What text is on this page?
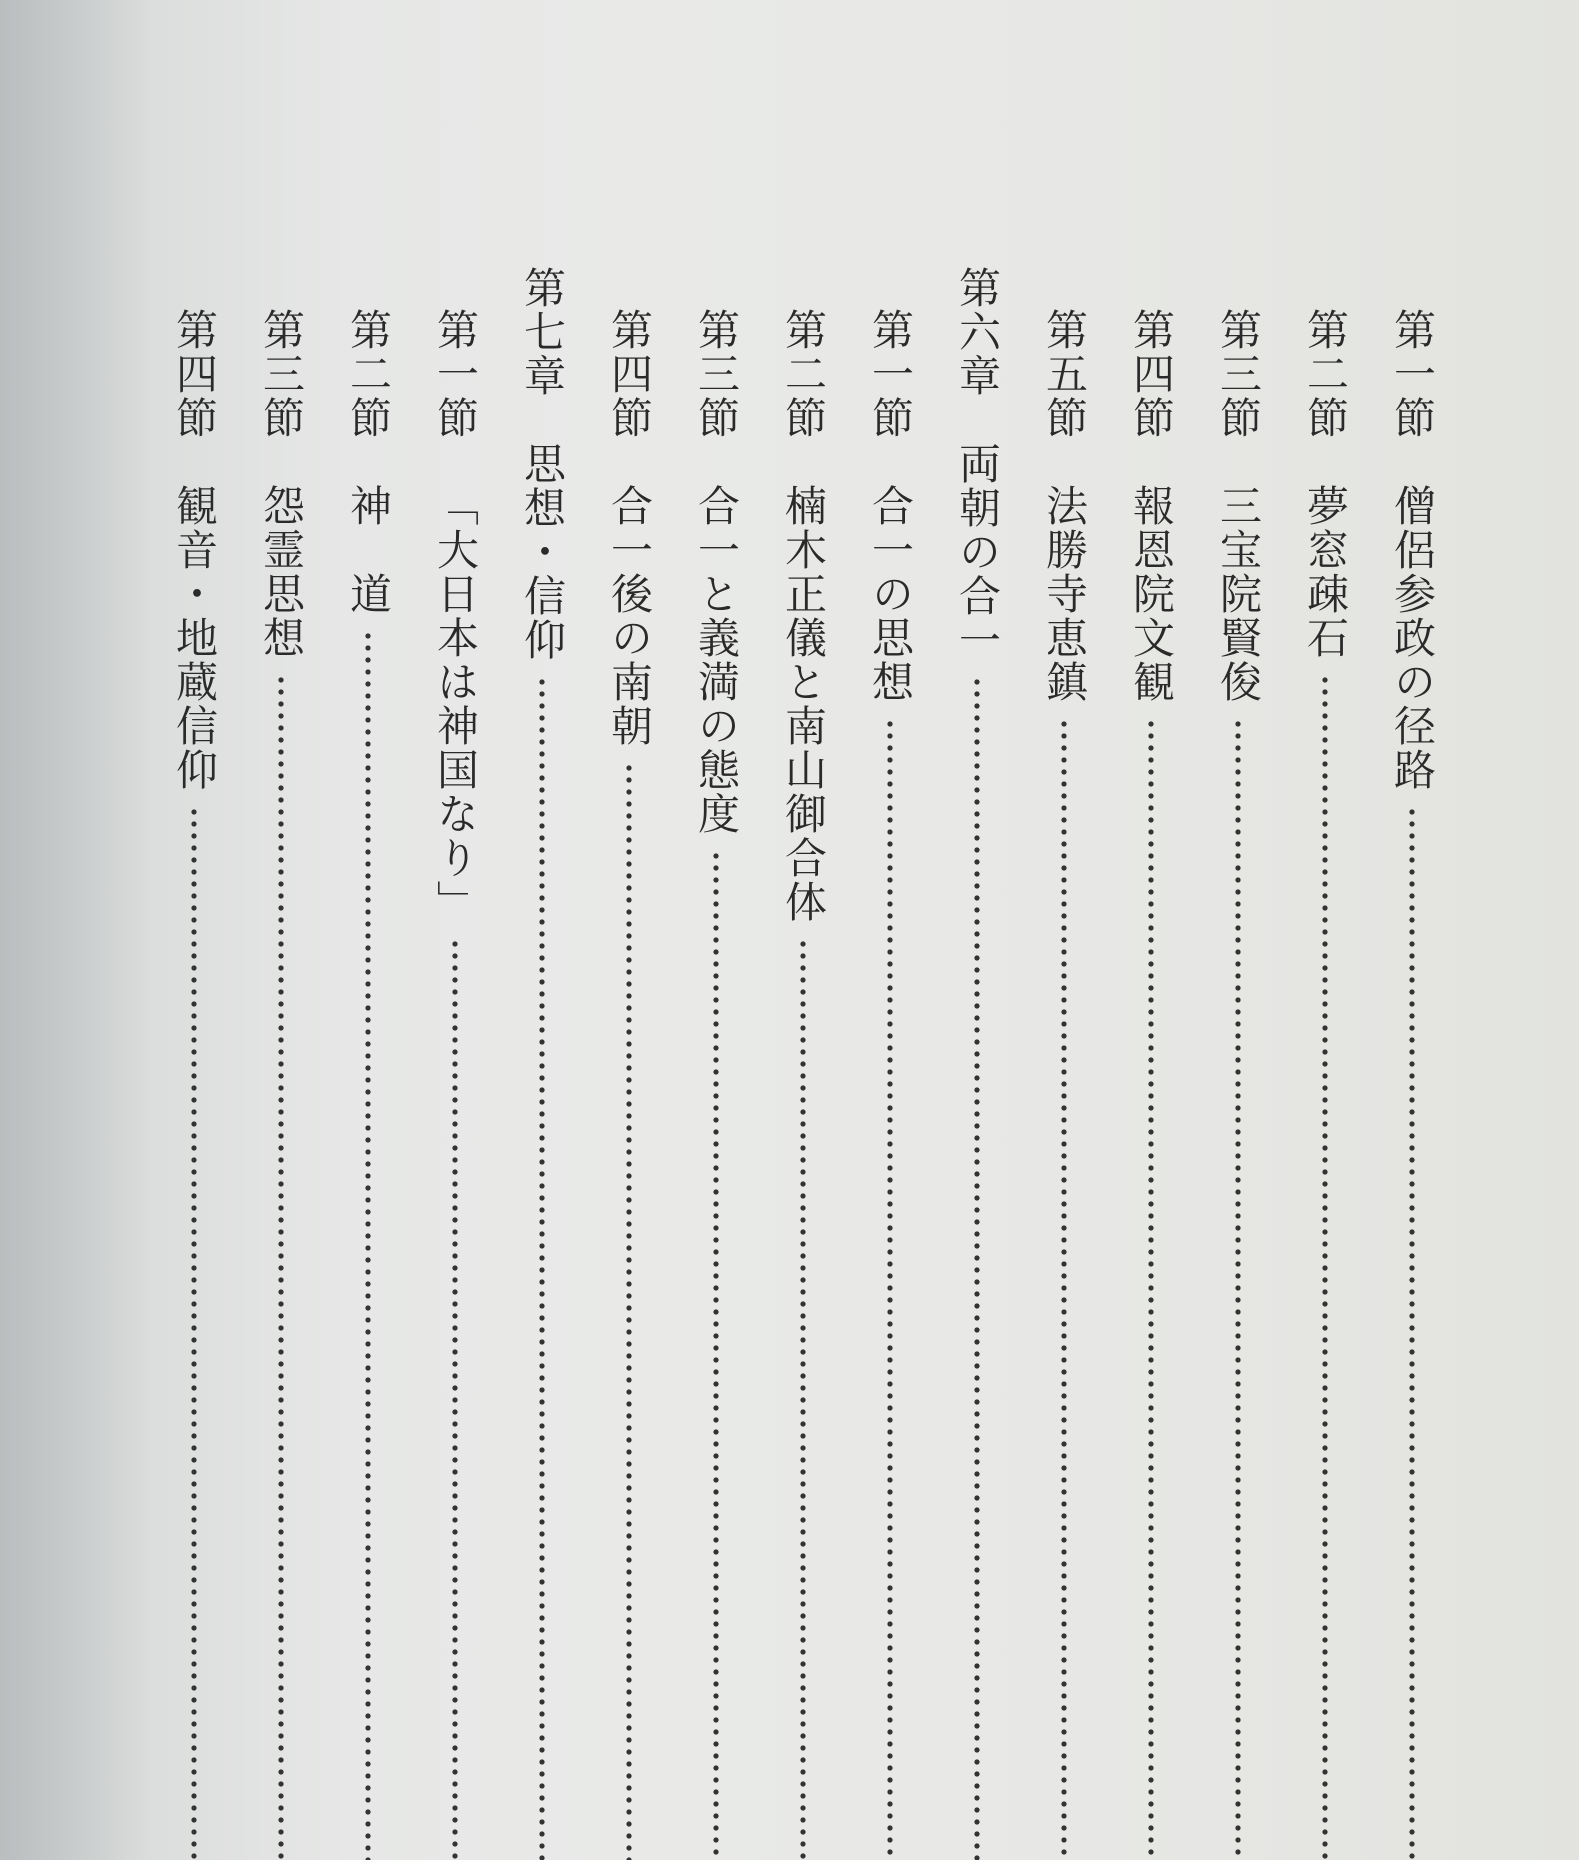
第一節僧侶参政の径路
第二節夢窓疎石
第三節三宝院賢俊
第四節報恩院文観
第五節法勝寺恵鎮
第六章両朝の合一
第一節合一の思想
第二節楠木正儀と南山御合体
第三節合一と義満の態度
第四節合一後の南朝
第七章思想・信仰
第一節「大日本は神国なり」
第二節神　道
第三節怨霊思想
第四節観音・地蔵信仰
